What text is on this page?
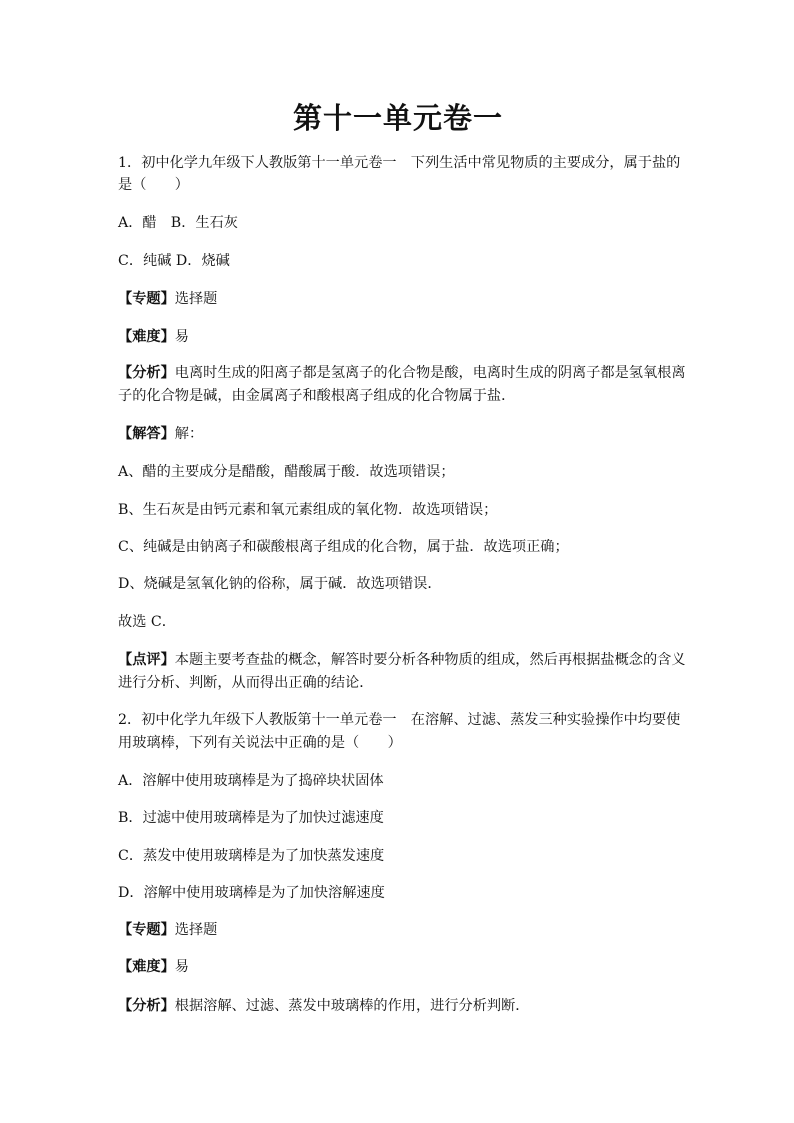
第十一单元卷一
1．初中化学九年级下人教版第十一单元卷一　下列生活中常见物质的主要成分，属于盐的
是（　　）
A．醋　B．生石灰
C．纯碱 D．烧碱
【专题】选择题
【难度】易
【分析】电离时生成的阳离子都是氢离子的化合物是酸，电离时生成的阴离子都是氢氧根离
子的化合物是碱，由金属离子和酸根离子组成的化合物属于盐．
【解答】解：
A、醋的主要成分是醋酸，醋酸属于酸．故选项错误；
B、生石灰是由钙元素和氧元素组成的氧化物．故选项错误；
C、纯碱是由钠离子和碳酸根离子组成的化合物，属于盐．故选项正确；
D、烧碱是氢氧化钠的俗称，属于碱．故选项错误．
故选 C．
【点评】本题主要考查盐的概念，解答时要分析各种物质的组成，然后再根据盐概念的含义
进行分析、判断，从而得出正确的结论．
2．初中化学九年级下人教版第十一单元卷一　在溶解、过滤、蒸发三种实验操作中均要使
用玻璃棒，下列有关说法中正确的是（　　）
A．溶解中使用玻璃棒是为了捣碎块状固体
B．过滤中使用玻璃棒是为了加快过滤速度
C．蒸发中使用玻璃棒是为了加快蒸发速度
D．溶解中使用玻璃棒是为了加快溶解速度
【专题】选择题
【难度】易
【分析】根据溶解、过滤、蒸发中玻璃棒的作用，进行分析判断．
